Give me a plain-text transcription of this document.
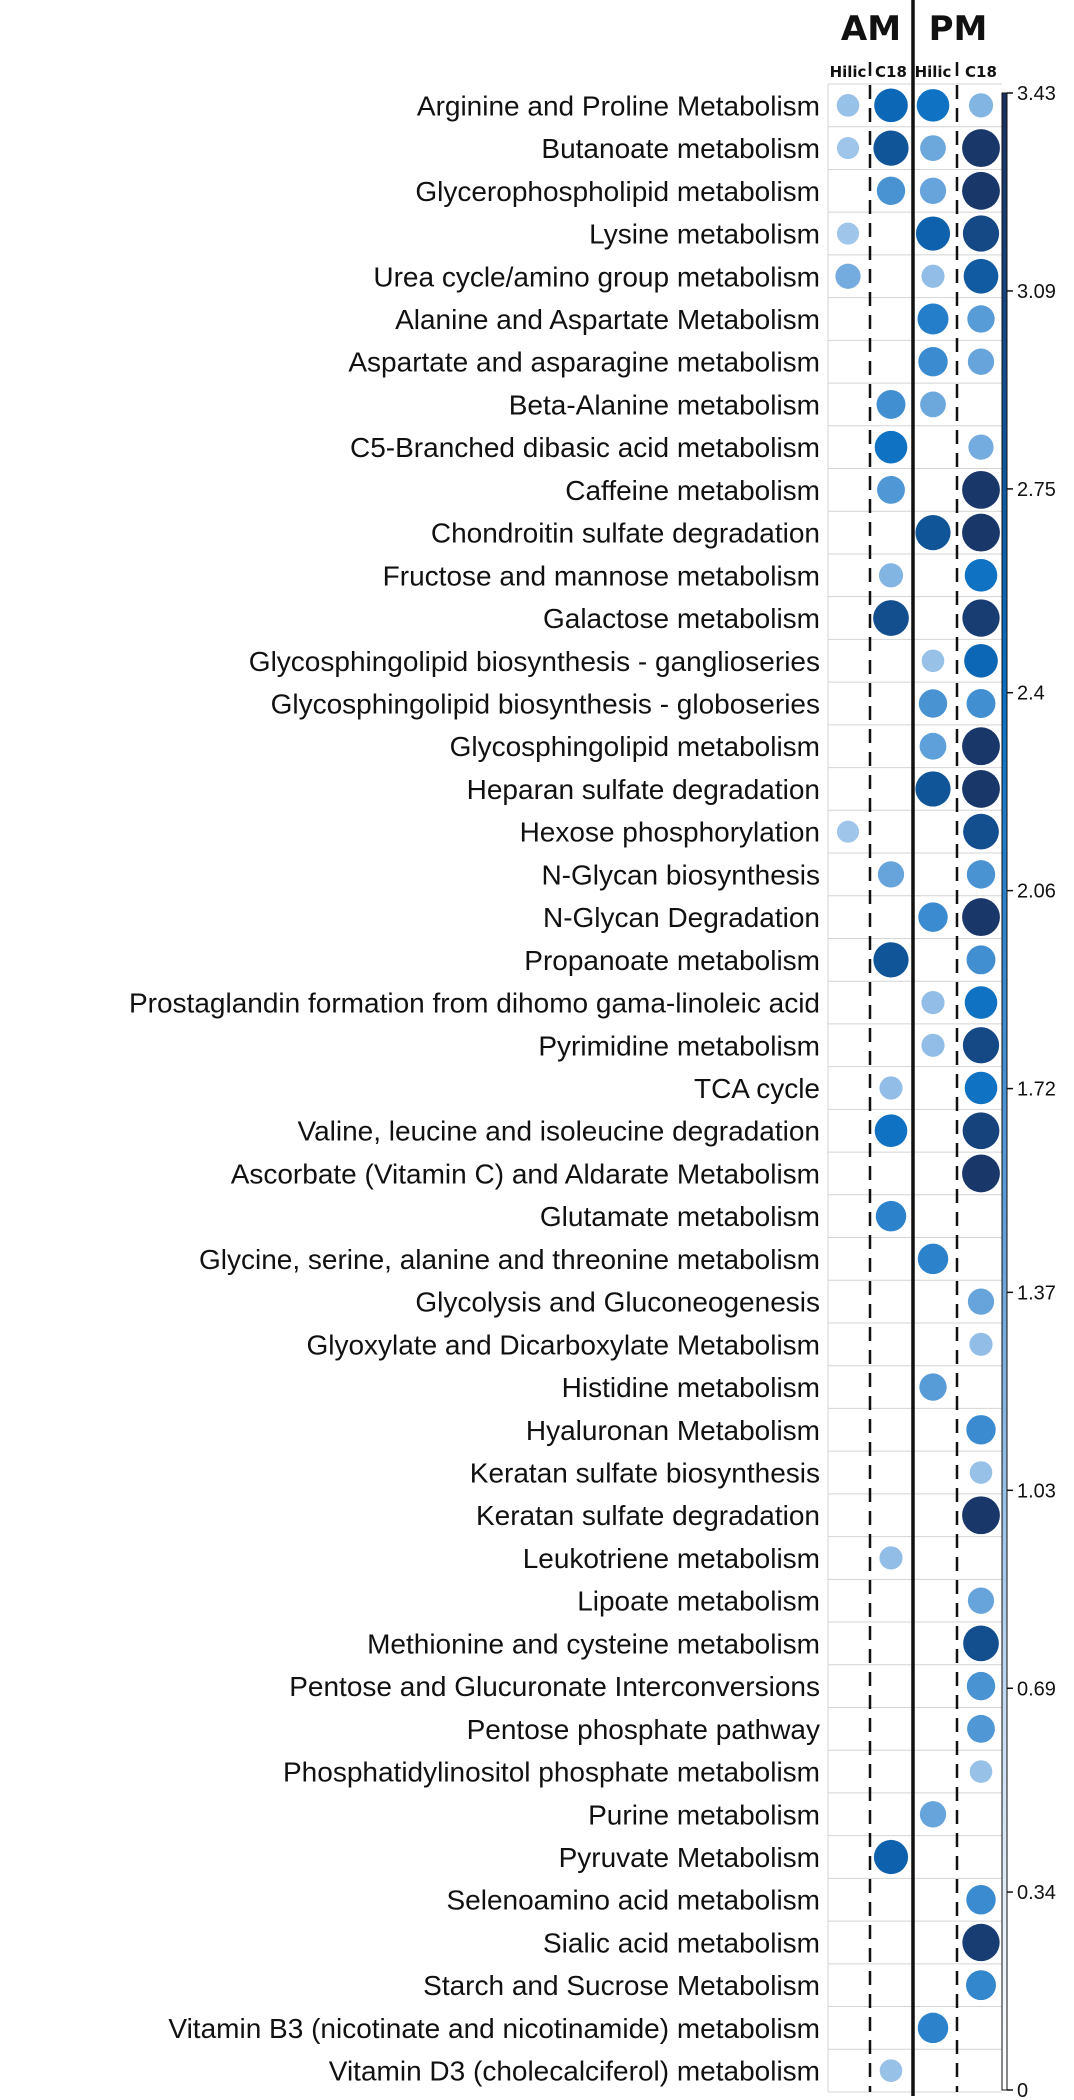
Arginine and Proline Metabolism
Butanoate metabolism
Glycerophospholipid metabolism
Lysine metabolism
Urea cycle/amino group metabolism
Alanine and Aspartate Metabolism
Aspartate and asparagine metabolism
Beta-Alanine metabolism
C5-Branched dibasic acid metabolism
Caffeine metabolism
Chondroitin sulfate degradation
Fructose and mannose metabolism
Galactose metabolism
Glycosphingolipid biosynthesis - ganglioseries
Glycosphingolipid biosynthesis - globoseries
Glycosphingolipid metabolism
Heparan sulfate degradation
Hexose phosphorylation
N-Glycan biosynthesis
N-Glycan Degradation
Propanoate metabolism
Prostaglandin formation from dihomo gama-linoleic acid
Pyrimidine metabolism
TCA cycle
Valine, leucine and isoleucine degradation
Ascorbate (Vitamin C) and Aldarate Metabolism
Glutamate metabolism
Glycine, serine, alanine and threonine metabolism
Glycolysis and Gluconeogenesis
Glyoxylate and Dicarboxylate Metabolism
Histidine metabolism
Hyaluronan Metabolism
Keratan sulfate biosynthesis
Keratan sulfate degradation
Leukotriene metabolism
Lipoate metabolism
Methionine and cysteine metabolism
Pentose and Glucuronate Interconversions
Pentose phosphate pathway
Phosphatidylinositol phosphate metabolism
Purine metabolism
Pyruvate Metabolism
Selenoamino acid metabolism
Sialic acid metabolism
Starch and Sucrose Metabolism
Vitamin B3 (nicotinate and nicotinamide) metabolism
Vitamin D3 (cholecalciferol) metabolism
AM
Hilic C18
PM
Hilic C18
3.43
3.09
2.75
2.4
2.06
1.72
1.37
1.03
0.69
0.34
0
